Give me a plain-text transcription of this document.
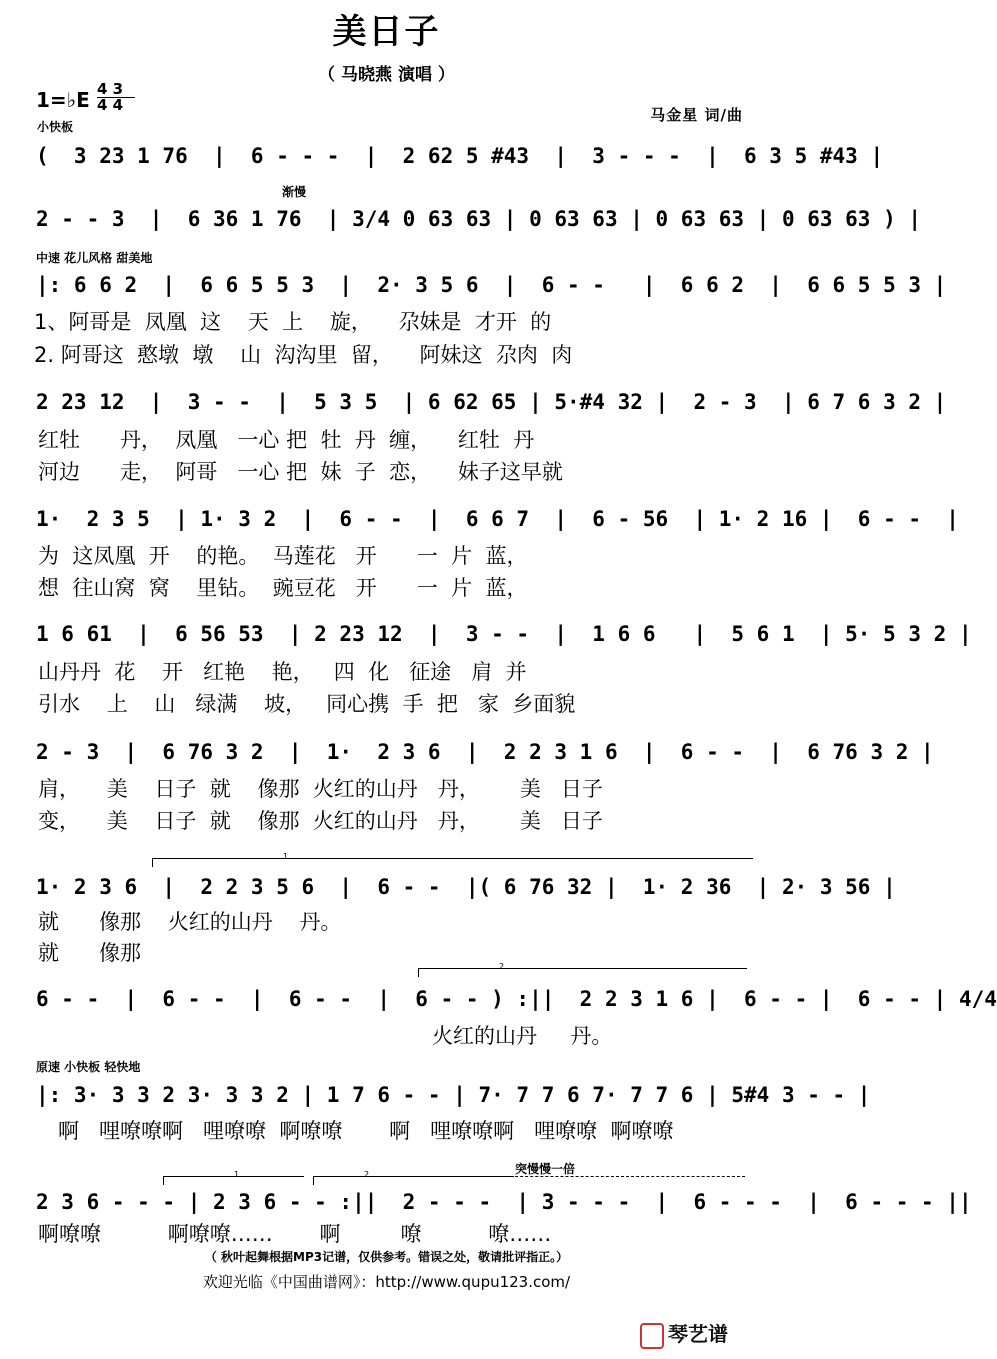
美日子
（ 马晓燕 演唱 ）
1=♭E 4 3
4 4
小快板
马金星 词/曲
渐慢
中速 花儿风格 甜美地
原速 小快板 轻快地
突慢慢一倍
1
2
1	2
(  3 23 1 76  |  6 - - -  |  2 62 5 #43  |  3 - - -  |  6 3 5 #43 |
2 - - 3  |  6 36 1 76  | 3/4 0 63 63 | 0 63 63 | 0 63 63 | 0 63 63 ) |
|: 6 6 2  |  6 6 5 5 3  |  2· 3 5 6  |  6 - -   |  6 6 2  |  6 6 5 5 3 |
2 23 12  |  3 - -  |  5 3 5  | 6 62 65 | 5·#4 32 |  2 - 3  | 6 7 6 3 2 |
1·  2 3 5  | 1· 3 2  |  6 - -  |  6 6 7  |  6 - 56  | 1· 2 16 |  6 - -  |
1 6 61  |  6 56 53  | 2 23 12  |  3 - -  |  1 6 6   |  5 6 1  | 5· 5 3 2 |
2 - 3  |  6 76 3 2  |  1·  2 3 6  |  2 2 3 1 6  |  6 - -  |  6 76 3 2 |
1· 2 3 6  |  2 2 3 5 6  |  6 - -  |( 6 76 32 |  1· 2 36  | 2· 3 56 |
6 - -  |  6 - -  |  6 - -  |  6 - - ) :||  2 2 3 1 6 |  6 - - |  6 - - | 4/4
|: 3· 3 3 2 3· 3 3 2 | 1 7 6 - - | 7· 7 7 6 7· 7 7 6 | 5#4 3 - - |
2 3 6 - - - | 2 3 6 - - :||  2 - - -  | 3 - - -  |  6 - - -  |  6 - - - ||
1、阿哥是  凤凰  这    天  上    旋，    尕妹是  才开  的
2. 阿哥这  憨墩  墩    山  沟沟里  留，    阿妹这  尕肉  肉
红牡      丹，  凤凰   一心 把  牡  丹  缠，    红牡  丹
河边      走，  阿哥   一心 把  妹  子  恋，    妹子这早就
为  这凤凰  开    的艳。  马莲花   开      一  片  蓝，
想  往山窝  窝    里钻。  豌豆花   开      一  片  蓝，
山丹丹  花    开   红艳    艳，   四  化   征途   肩  并
引水    上    山   绿满    坡，   同心携  手  把   家  乡面貌
肩，    美    日子  就    像那  火红的山丹   丹，      美   日子
变，    美    日子  就    像那  火红的山丹   丹，      美   日子
就      像那    火红的山丹    丹。
就      像那
火红的山丹     丹。
啊   哩嘹嘹啊   哩嘹嘹  啊嘹嘹       啊   哩嘹嘹啊   哩嘹嘹  啊嘹嘹
啊嘹嘹          啊嘹嘹……       啊         嘹          嘹……
（ 秋叶起舞根据MP3记谱，仅供参考。错误之处，敬请批评指正。）
欢迎光临《中国曲谱网》：http://www.qupu123.com/
琴艺谱
